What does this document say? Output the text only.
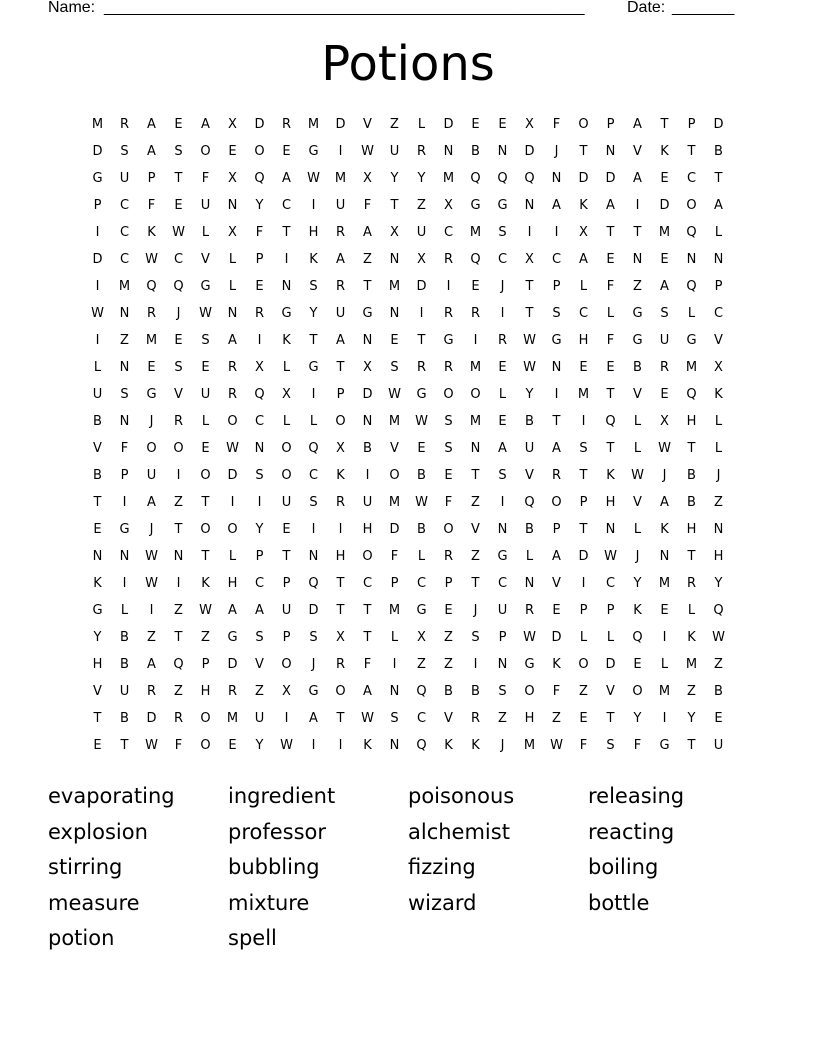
Name: ______________________________________________________	Date: _______
Potions
M	R	A	E	A	X	D	R	M	D	V	Z	L	D	E	E	X	F	O	P	A	T	P	D
D	S	A	S	O	E	O	E	G	I	W	U	R	N	B	N	D	J	T	N	V	K	T	B
G	U	P	T	F	X	Q	A	W	M	X	Y	Y	M	Q	Q	Q	N	D	D	A	E	C	T
P	C	F	E	U	N	Y	C	I	U	F	T	Z	X	G	G	N	A	K	A	I	D	O	A
I	C	K	W	L	X	F	T	H	R	A	X	U	C	M	S	I	I	X	T	T	M	Q	L
D	C	W	C	V	L	P	I	K	A	Z	N	X	R	Q	C	X	C	A	E	N	E	N	N
I	M	Q	Q	G	L	E	N	S	R	T	M	D	I	E	J	T	P	L	F	Z	A	Q	P
W	N	R	J	W	N	R	G	Y	U	G	N	I	R	R	I	T	S	C	L	G	S	L	C
I	Z	M	E	S	A	I	K	T	A	N	E	T	G	I	R	W	G	H	F	G	U	G	V
L	N	E	S	E	R	X	L	G	T	X	S	R	R	M	E	W	N	E	E	B	R	M	X
U	S	G	V	U	R	Q	X	I	P	D	W	G	O	O	L	Y	I	M	T	V	E	Q	K
B	N	J	R	L	O	C	L	L	O	N	M	W	S	M	E	B	T	I	Q	L	X	H	L
V	F	O	O	E	W	N	O	Q	X	B	V	E	S	N	A	U	A	S	T	L	W	T	L
B	P	U	I	O	D	S	O	C	K	I	O	B	E	T	S	V	R	T	K	W	J	B	J
T	I	A	Z	T	I	I	U	S	R	U	M	W	F	Z	I	Q	O	P	H	V	A	B	Z
E	G	J	T	O	O	Y	E	I	I	H	D	B	O	V	N	B	P	T	N	L	K	H	N
N	N	W	N	T	L	P	T	N	H	O	F	L	R	Z	G	L	A	D	W	J	N	T	H
K	I	W	I	K	H	C	P	Q	T	C	P	C	P	T	C	N	V	I	C	Y	M	R	Y
G	L	I	Z	W	A	A	U	D	T	T	M	G	E	J	U	R	E	P	P	K	E	L	Q
Y	B	Z	T	Z	G	S	P	S	X	T	L	X	Z	S	P	W	D	L	L	Q	I	K	W
H	B	A	Q	P	D	V	O	J	R	F	I	Z	Z	I	N	G	K	O	D	E	L	M	Z
V	U	R	Z	H	R	Z	X	G	O	A	N	Q	B	B	S	O	F	Z	V	O	M	Z	B
T	B	D	R	O	M	U	I	A	T	W	S	C	V	R	Z	H	Z	E	T	Y	I	Y	E
E	T	W	F	O	E	Y	W	I	I	K	N	Q	K	K	J	M	W	F	S	F	G	T	U
evaporating	ingredient	poisonous	releasing
explosion	professor	alchemist	reacting
stirring	bubbling	fizzing	boiling
measure	mixture	wizard	bottle
potion	spell
